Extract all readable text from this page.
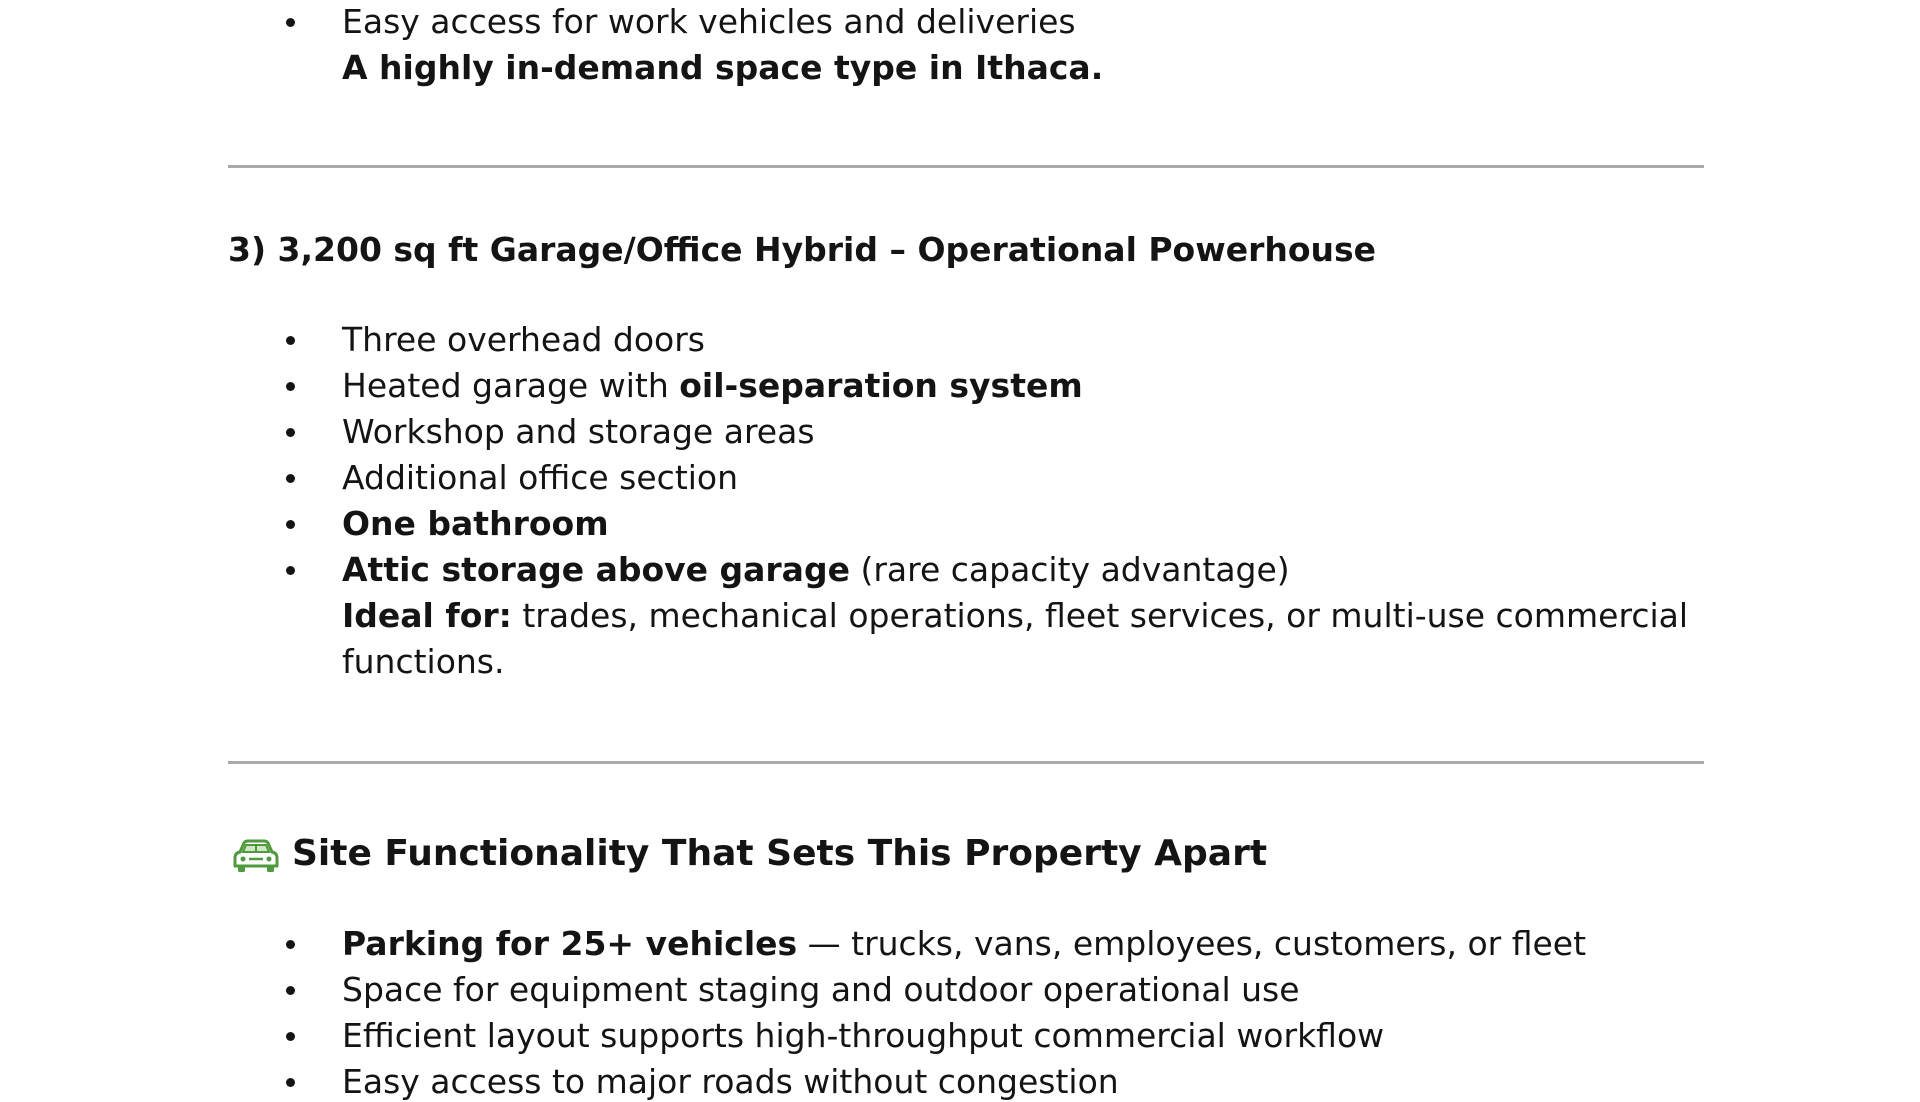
Easy access for work vehicles and deliveries
A highly in-demand space type in Ithaca.
3) 3,200 sq ft Garage/Office Hybrid – Operational Powerhouse
Three overhead doors
Heated garage with oil-separation system
Workshop and storage areas
Additional office section
One bathroom
Attic storage above garage (rare capacity advantage)
Ideal for: trades, mechanical operations, fleet services, or multi-use commercial
functions.
Site Functionality That Sets This Property Apart
Parking for 25+ vehicles — trucks, vans, employees, customers, or fleet
Space for equipment staging and outdoor operational use
Efficient layout supports high-throughput commercial workflow
Easy access to major roads without congestion
